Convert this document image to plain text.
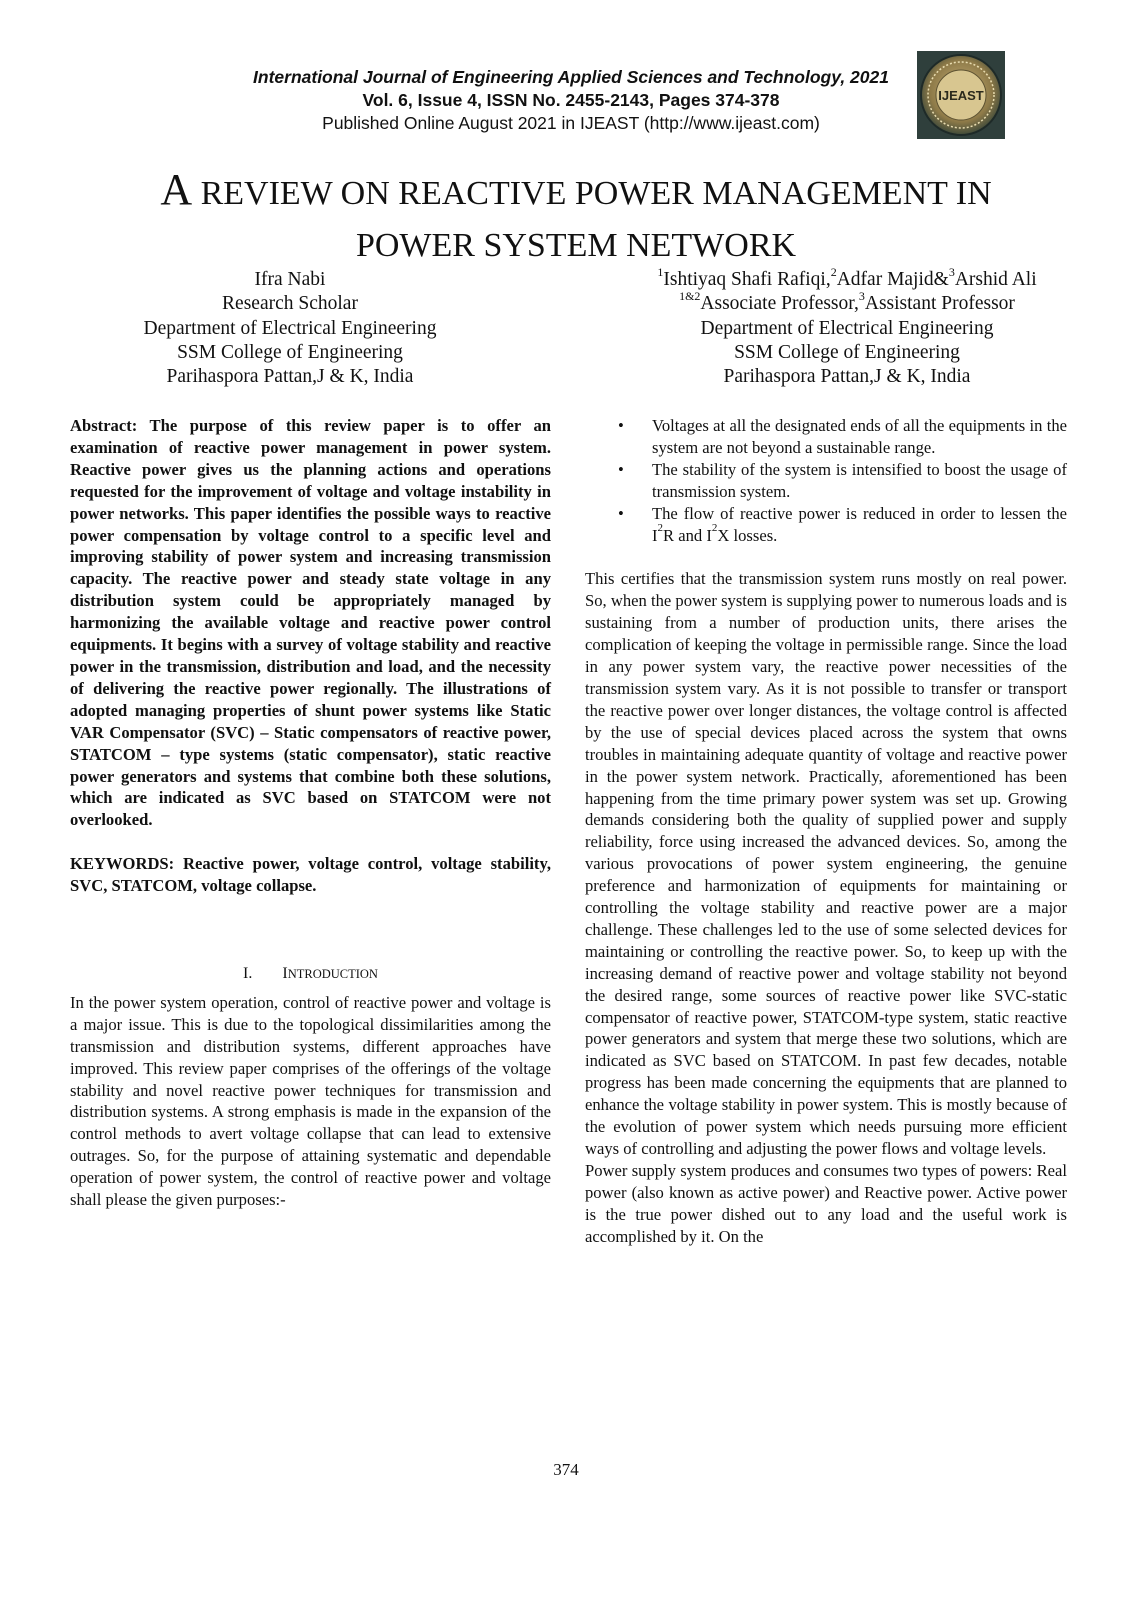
International Journal of Engineering Applied Sciences and Technology, 2021
Vol. 6, Issue 4, ISSN No. 2455-2143, Pages 374-378
Published Online August 2021 in IJEAST (http://www.ijeast.com)
IJEAST
A REVIEW ON REACTIVE POWER MANAGEMENT IN
POWER SYSTEM NETWORK
Ifra Nabi
Research Scholar
Department of Electrical Engineering
SSM College of Engineering
Parihaspora Pattan,J & K, India
$^1$Ishtiyaq Shafi Rafiqi,$^2$Adfar Majid&$^3$Arshid Ali
$^{1\&2}$Associate Professor,$^3$Assistant Professor
Department of Electrical Engineering
SSM College of Engineering
Parihaspora Pattan,J & K, India

Abstract: The purpose of this review paper is to offer an examination of reactive power management in power system. Reactive power gives us the planning actions and operations requested for the improvement of voltage and voltage instability in power networks. This paper identifies the possible ways to reactive power compensation by voltage control to a specific level and improving stability of power system and increasing transmission capacity. The reactive power and steady state voltage in any distribution system could be appropriately managed by harmonizing the available voltage and reactive power control equipments. It begins with a survey of voltage stability and reactive power in the transmission, distribution and load, and the necessity of delivering the reactive power regionally. The illustrations of adopted managing properties of shunt power systems like Static VAR Compensator (SVC) – Static compensators of reactive power, STATCOM – type systems (static compensator), static reactive power generators and systems that combine both these solutions, which are indicated as SVC based on STATCOM were not overlooked.

KEYWORDS: Reactive power, voltage control, voltage stability, SVC, STATCOM, voltage collapse.

I. INTRODUCTION

In the power system operation, control of reactive power and voltage is a major issue. This is due to the topological dissimilarities among the transmission and distribution systems, different approaches have improved. This review paper comprises of the offerings of the voltage stability and novel reactive power techniques for transmission and distribution systems. A strong emphasis is made in the expansion of the control methods to avert voltage collapse that can lead to extensive outrages. So, for the purpose of attaining systematic and dependable operation of power system, the control of reactive power and voltage shall please the given purposes:-

• Voltages at all the designated ends of all the equipments in the system are not beyond a sustainable range.
• The stability of the system is intensified to boost the usage of transmission system.
• The flow of reactive power is reduced in order to lessen the $I^2R$ and $I^2X$ losses.

This certifies that the transmission system runs mostly on real power. So, when the power system is supplying power to numerous loads and is sustaining from a number of production units, there arises the complication of keeping the voltage in permissible range. Since the load in any power system vary, the reactive power necessities of the transmission system vary. As it is not possible to transfer or transport the reactive power over longer distances, the voltage control is affected by the use of special devices placed across the system that owns troubles in maintaining adequate quantity of voltage and reactive power in the power system network. Practically, aforementioned has been happening from the time primary power system was set up. Growing demands considering both the quality of supplied power and supply reliability, force using increased the advanced devices. So, among the various provocations of power system engineering, the genuine preference and harmonization of equipments for maintaining or controlling the voltage stability and reactive power are a major challenge. These challenges led to the use of some selected devices for maintaining or controlling the reactive power. So, to keep up with the increasing demand of reactive power and voltage stability not beyond the desired range, some sources of reactive power like SVC-static compensator of reactive power, STATCOM-type system, static reactive power generators and system that merge these two solutions, which are indicated as SVC based on STATCOM. In past few decades, notable progress has been made concerning the equipments that are planned to enhance the voltage stability in power system. This is mostly because of the evolution of power system which needs pursuing more efficient ways of controlling and adjusting the power flows and voltage levels.

Power supply system produces and consumes two types of powers: Real power (also known as active power) and Reactive power. Active power is the true power dished out to any load and the useful work is accomplished by it. On the

374
